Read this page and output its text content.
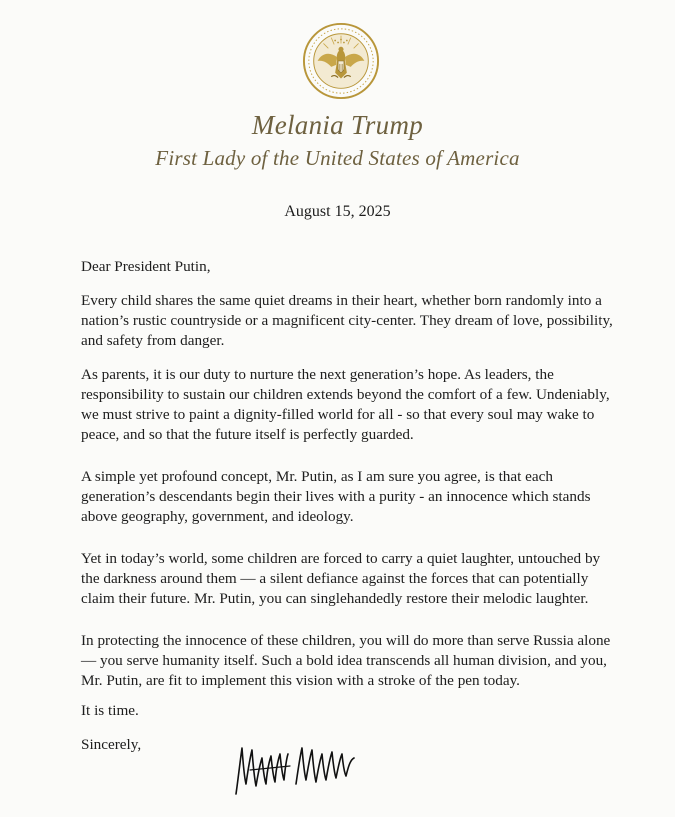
Melania Trump
First Lady of the United States of America
August 15, 2025

Dear President Putin,

Every child shares the same quiet dreams in their heart, whether born randomly into a nation’s rustic countryside or a magnificent city-center. They dream of love, possibility, and safety from danger.

As parents, it is our duty to nurture the next generation’s hope. As leaders, the responsibility to sustain our children extends beyond the comfort of a few. Undeniably, we must strive to paint a dignity-filled world for all - so that every soul may wake to peace, and so that the future itself is perfectly guarded.

A simple yet profound concept, Mr. Putin, as I am sure you agree, is that each generation’s descendants begin their lives with a purity - an innocence which stands above geography, government, and ideology.

Yet in today’s world, some children are forced to carry a quiet laughter, untouched by the darkness around them — a silent defiance against the forces that can potentially claim their future. Mr. Putin, you can singlehandedly restore their melodic laughter.

In protecting the innocence of these children, you will do more than serve Russia alone — you serve humanity itself. Such a bold idea transcends all human division, and you, Mr. Putin, are fit to implement this vision with a stroke of the pen today.

It is time.

Sincerely,
